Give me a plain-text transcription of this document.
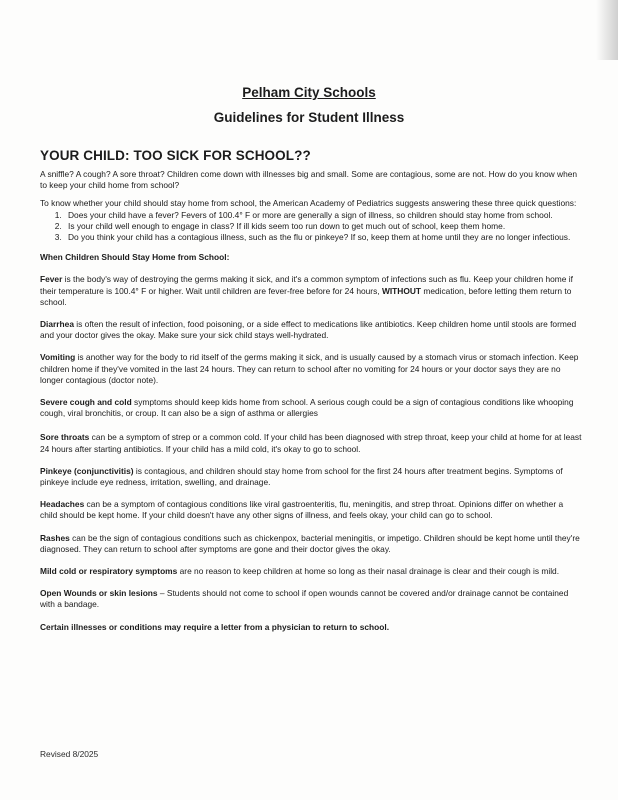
Pelham City Schools

Guidelines for Student Illness

YOUR CHILD: TOO SICK FOR SCHOOL??

A sniffle? A cough? A sore throat? Children come down with illnesses big and small. Some are contagious, some are not. How do you know when to keep your child home from school?

To know whether your child should stay home from school, the American Academy of Pediatrics suggests answering these three quick questions:

1. Does your child have a fever? Fevers of 100.4° F or more are generally a sign of illness, so children should stay home from school.
2. Is your child well enough to engage in class? If ill kids seem too run down to get much out of school, keep them home.
3. Do you think your child has a contagious illness, such as the flu or pinkeye? If so, keep them at home until they are no longer infectious.

When Children Should Stay Home from School:

Fever is the body's way of destroying the germs making it sick, and it's a common symptom of infections such as flu. Keep your children home if their temperature is 100.4° F or higher. Wait until children are fever-free before for 24 hours, WITHOUT medication, before letting them return to school.

Diarrhea is often the result of infection, food poisoning, or a side effect to medications like antibiotics. Keep children home until stools are formed and your doctor gives the okay. Make sure your sick child stays well-hydrated.

Vomiting is another way for the body to rid itself of the germs making it sick, and is usually caused by a stomach virus or stomach infection. Keep children home if they've vomited in the last 24 hours. They can return to school after no vomiting for 24 hours or your doctor says they are no longer contagious (doctor note).

Severe cough and cold symptoms should keep kids home from school. A serious cough could be a sign of contagious conditions like whooping cough, viral bronchitis, or croup. It can also be a sign of asthma or allergies

Sore throats can be a symptom of strep or a common cold. If your child has been diagnosed with strep throat, keep your child at home for at least 24 hours after starting antibiotics. If your child has a mild cold, it's okay to go to school.

Pinkeye (conjunctivitis) is contagious, and children should stay home from school for the first 24 hours after treatment begins. Symptoms of pinkeye include eye redness, irritation, swelling, and drainage.

Headaches can be a symptom of contagious conditions like viral gastroenteritis, flu, meningitis, and strep throat. Opinions differ on whether a child should be kept home. If your child doesn't have any other signs of illness, and feels okay, your child can go to school.

Rashes can be the sign of contagious conditions such as chickenpox, bacterial meningitis, or impetigo. Children should be kept home until they're diagnosed. They can return to school after symptoms are gone and their doctor gives the okay.

Mild cold or respiratory symptoms are no reason to keep children at home so long as their nasal drainage is clear and their cough is mild.

Open Wounds or skin lesions – Students should not come to school if open wounds cannot be covered and/or drainage cannot be contained with a bandage.

Certain illnesses or conditions may require a letter from a physician to return to school.

Revised 8/2025
